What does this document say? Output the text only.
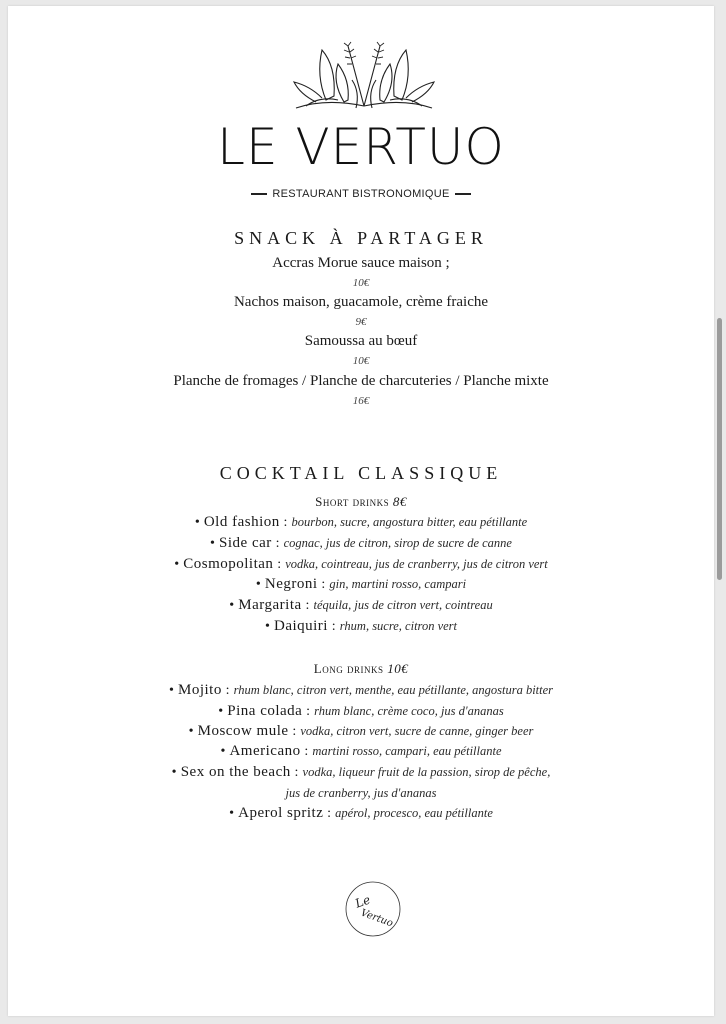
LE VERTUO
RESTAURANT BISTRONOMIQUE
SNACK À PARTAGER
Accras Morue sauce maison ;
10€
Nachos maison, guacamole, crème fraiche
9€
Samoussa au bœuf
10€
Planche de fromages / Planche de charcuteries / Planche mixte
16€
COCKTAIL CLASSIQUE
Short drinks 8€
• Old fashion : bourbon, sucre, angostura bitter, eau pétillante
• Side car : cognac, jus de citron, sirop de sucre de canne
• Cosmopolitan : vodka, cointreau, jus de cranberry, jus de citron vert
• Negroni : gin, martini rosso, campari
• Margarita : téquila, jus de citron vert, cointreau
• Daiquiri : rhum, sucre, citron vert
Long drinks 10€
• Mojito : rhum blanc, citron vert, menthe, eau pétillante, angostura bitter
• Pina colada : rhum blanc, crème coco, jus d'ananas
• Moscow mule : vodka, citron vert, sucre de canne, ginger beer
• Americano : martini rosso, campari, eau pétillante
• Sex on the beach : vodka, liqueur fruit de la passion, sirop de pêche,
jus de cranberry, jus d'ananas
• Aperol spritz : apérol, procesco, eau pétillante
Le
Vertuo
